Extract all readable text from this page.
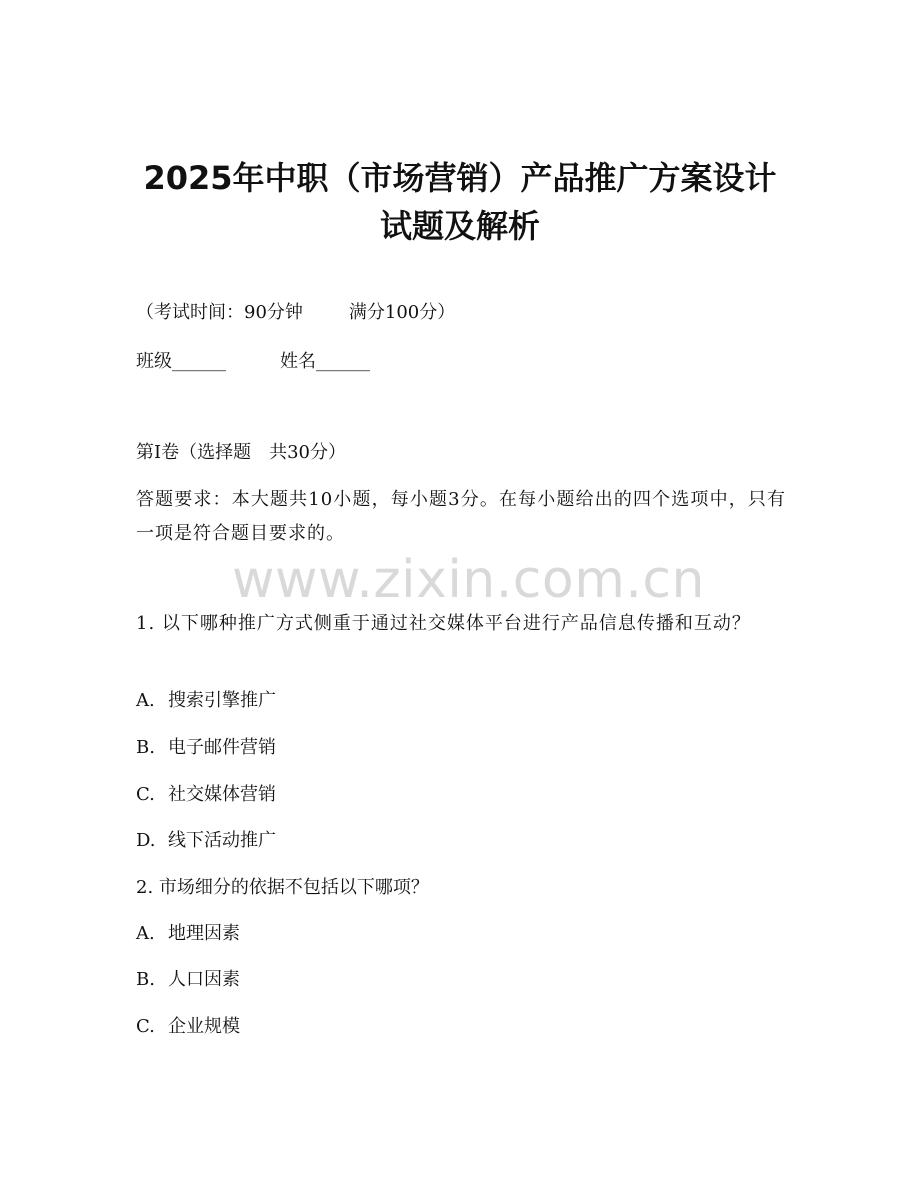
2025年中职（市场营销）产品推广方案设计
试题及解析

（考试时间：90分钟	满分100分）

班级______	姓名______

第I卷（选择题　共30分）

答题要求：本大题共10小题，每小题3分。在每小题给出的四个选项中，只有一项是符合题目要求的。

www.zixin.com.cn

1. 以下哪种推广方式侧重于通过社交媒体平台进行产品信息传播和互动？

A. 搜索引擎推广

B. 电子邮件营销

C. 社交媒体营销

D. 线下活动推广

2. 市场细分的依据不包括以下哪项？

A. 地理因素

B. 人口因素

C. 企业规模
